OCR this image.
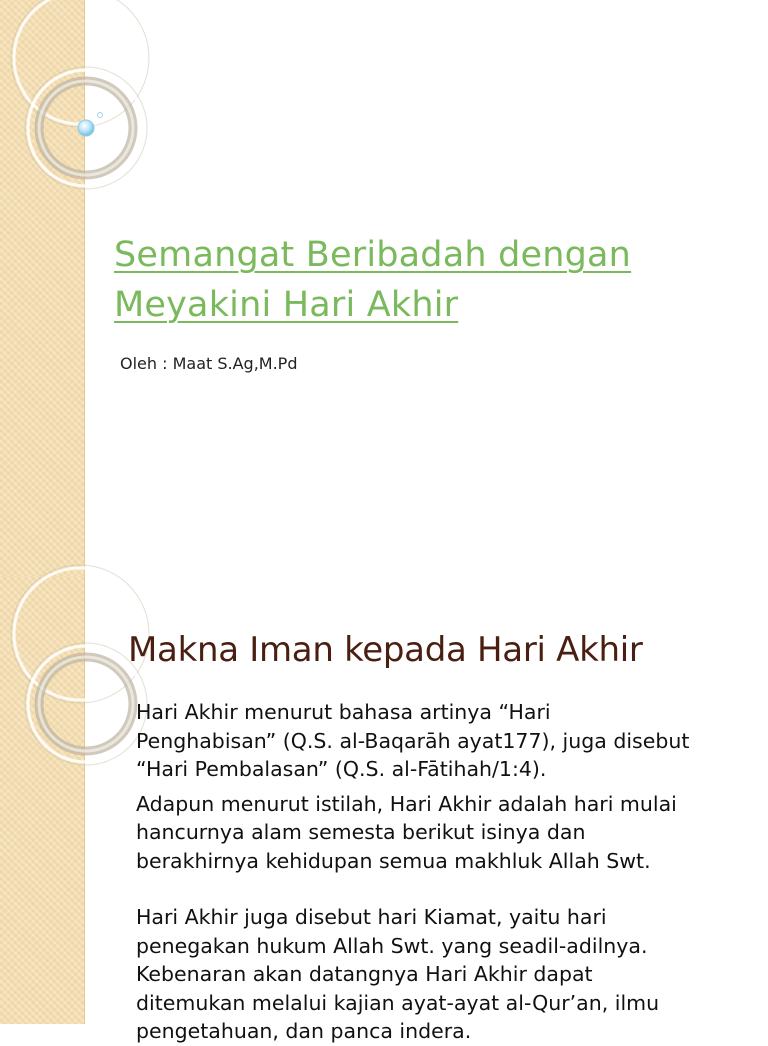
Semangat Beribadah dengan
Meyakini Hari Akhir
Oleh : Maat S.Ag,M.Pd
Makna Iman kepada Hari Akhir

Hari Akhir menurut bahasa artinya “Hari
Penghabisan” (Q.S. al-Baqarāh ayat177), juga disebut
“Hari Pembalasan” (Q.S. al-Fātihah/1:4).

Adapun menurut istilah, Hari Akhir adalah hari mulai
hancurnya alam semesta berikut isinya dan
berakhirnya kehidupan semua makhluk Allah Swt.

Hari Akhir juga disebut hari Kiamat, yaitu hari
penegakan hukum Allah Swt. yang seadil-adilnya.
Kebenaran akan datangnya Hari Akhir dapat
ditemukan melalui kajian ayat-ayat al-Qur’an, ilmu
pengetahuan, dan panca indera.
